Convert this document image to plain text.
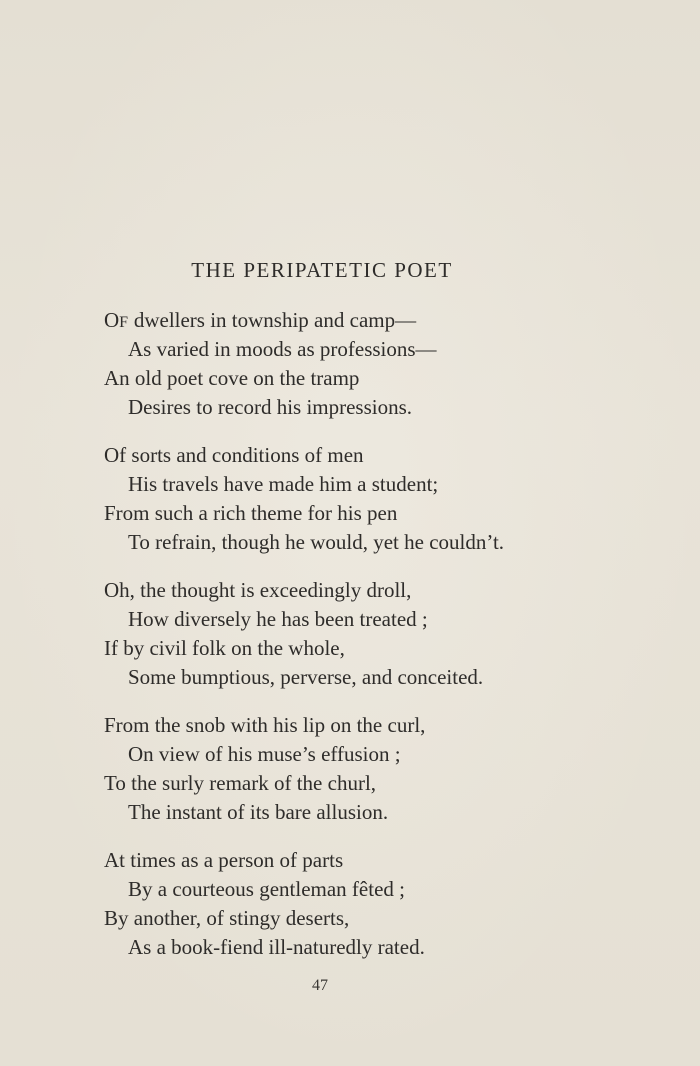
THE PERIPATETIC POET
OF dwellers in township and camp—
As varied in moods as professions—
An old poet cove on the tramp
Desires to record his impressions.
Of sorts and conditions of men
His travels have made him a student;
From such a rich theme for his pen
To refrain, though he would, yet he couldn’t.
Oh, the thought is exceedingly droll,
How diversely he has been treated ;
If by civil folk on the whole,
Some bumptious, perverse, and conceited.
From the snob with his lip on the curl,
On view of his muse’s effusion ;
To the surly remark of the churl,
The instant of its bare allusion.
At times as a person of parts
By a courteous gentleman fêted ;
By another, of stingy deserts,
As a book-fiend ill-naturedly rated.
47
